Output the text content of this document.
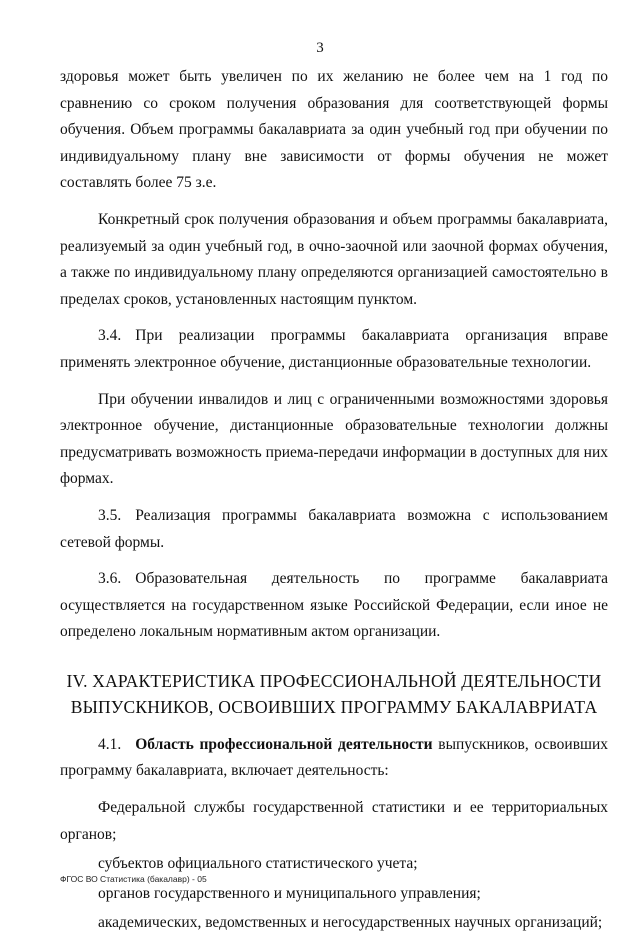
3

здоровья может быть увеличен по их желанию не более чем на 1 год по сравнению со сроком получения образования для соответствующей формы обучения. Объем программы бакалавриата за один учебный год при обучении по индивидуальному плану вне зависимости от формы обучения не может составлять более 75 з.е.

Конкретный срок получения образования и объем программы бакалавриата, реализуемый за один учебный год, в очно-заочной или заочной формах обучения, а также по индивидуальному плану определяются организацией самостоятельно в пределах сроков, установленных настоящим пунктом.

3.4. При реализации программы бакалавриата организация вправе применять электронное обучение, дистанционные образовательные технологии.

При обучении инвалидов и лиц с ограниченными возможностями здоровья электронное обучение, дистанционные образовательные технологии должны предусматривать возможность приема-передачи информации в доступных для них формах.

3.5. Реализация программы бакалавриата возможна с использованием сетевой формы.

3.6. Образовательная деятельность по программе бакалавриата осуществляется на государственном языке Российской Федерации, если иное не определено локальным нормативным актом организации.

IV. ХАРАКТЕРИСТИКА ПРОФЕССИОНАЛЬНОЙ ДЕЯТЕЛЬНОСТИ
ВЫПУСКНИКОВ, ОСВОИВШИХ ПРОГРАММУ БАКАЛАВРИАТА

4.1. Область профессиональной деятельности выпускников, освоивших программу бакалавриата, включает деятельность:

Федеральной службы государственной статистики и ее территориальных органов;

субъектов официального статистического учета;

органов государственного и муниципального управления;

академических, ведомственных и негосударственных научных организаций;

ФГОС ВО Статистика (бакалавр) - 05
